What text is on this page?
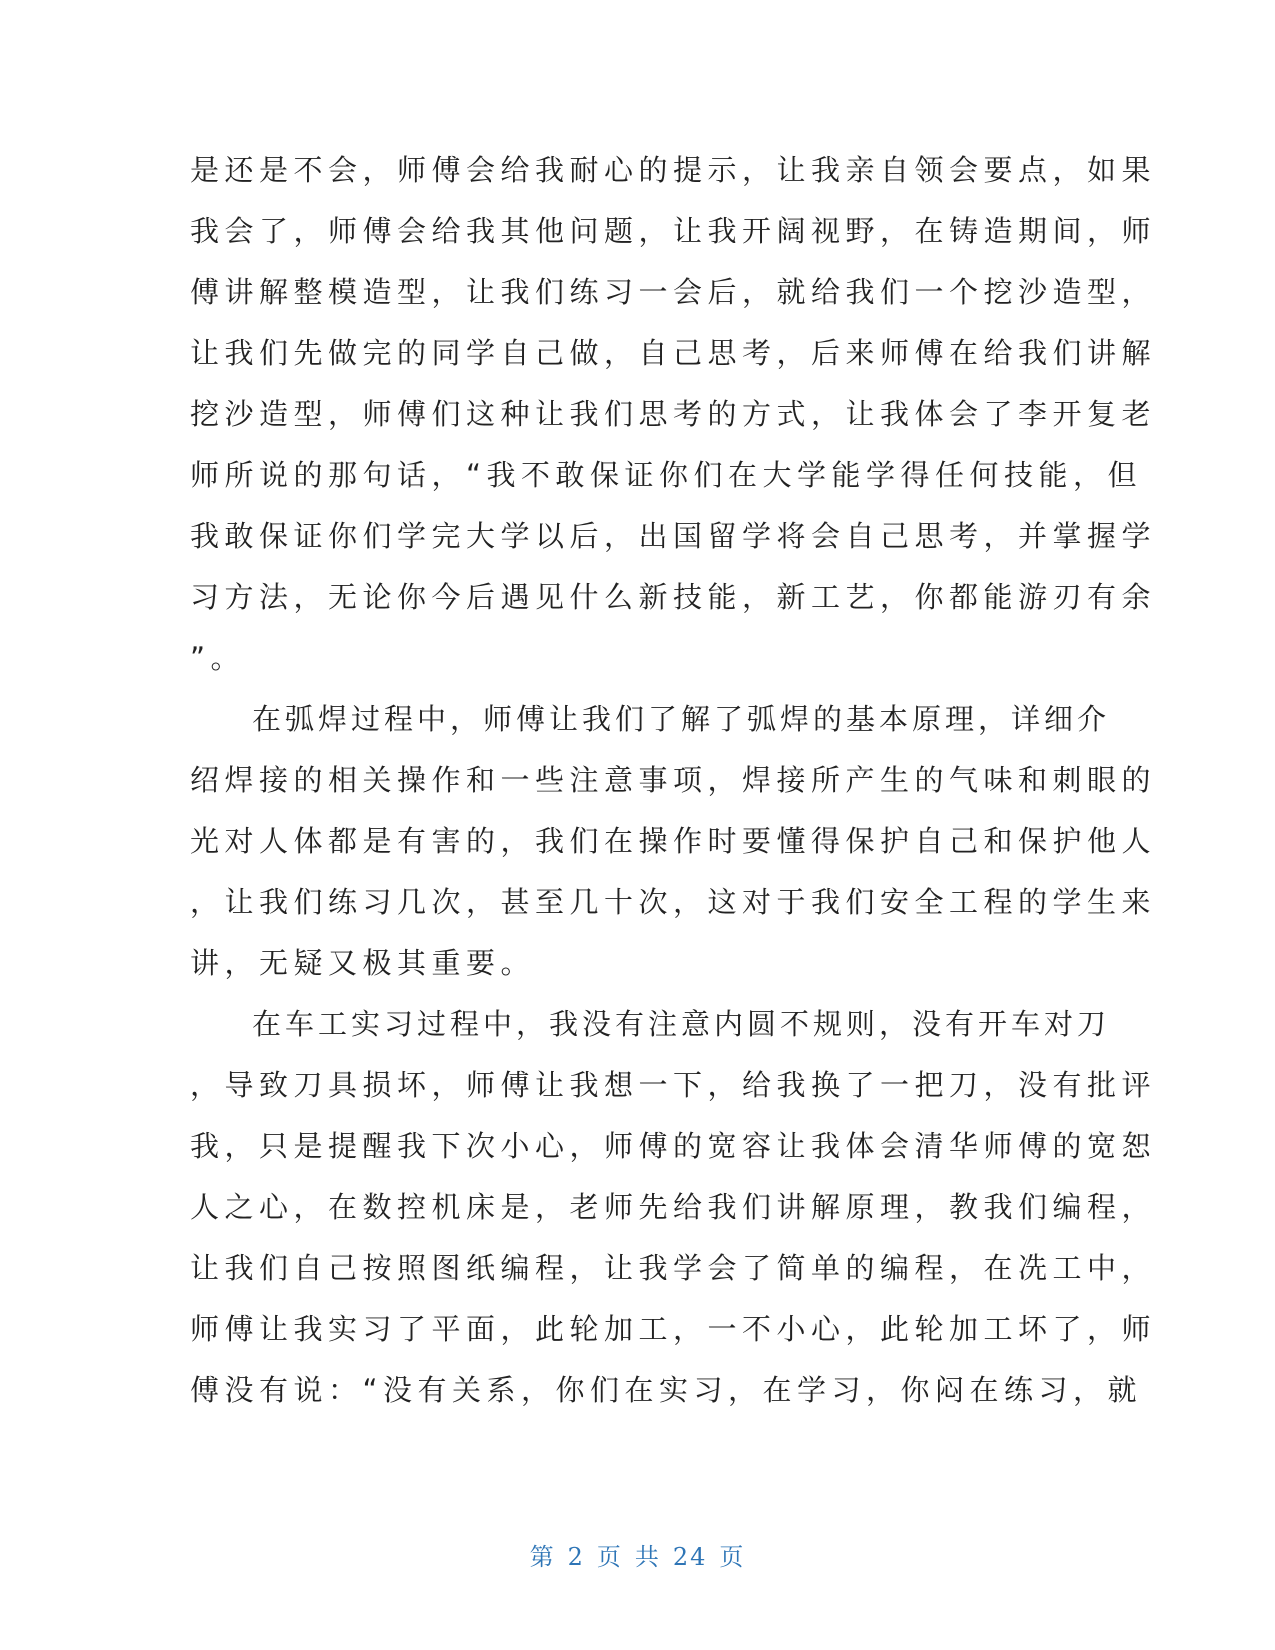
是还是不会，师傅会给我耐心的提示，让我亲自领会要点，如果
我会了，师傅会给我其他问题，让我开阔视野，在铸造期间，师
傅讲解整模造型，让我们练习一会后，就给我们一个挖沙造型，
让我们先做完的同学自己做，自己思考，后来师傅在给我们讲解
挖沙造型，师傅们这种让我们思考的方式，让我体会了李开复老
师所说的那句话，“我不敢保证你们在大学能学得任何技能，但
我敢保证你们学完大学以后，出国留学将会自己思考，并掌握学
习方法，无论你今后遇见什么新技能，新工艺，你都能游刃有余
”。
在弧焊过程中，师傅让我们了解了弧焊的基本原理，详细介
绍焊接的相关操作和一些注意事项，焊接所产生的气味和刺眼的
光对人体都是有害的，我们在操作时要懂得保护自己和保护他人
，让我们练习几次，甚至几十次，这对于我们安全工程的学生来
讲，无疑又极其重要。
在车工实习过程中，我没有注意内圆不规则，没有开车对刀
，导致刀具损坏，师傅让我想一下，给我换了一把刀，没有批评
我，只是提醒我下次小心，师傅的宽容让我体会清华师傅的宽恕
人之心，在数控机床是，老师先给我们讲解原理，教我们编程，
让我们自己按照图纸编程，让我学会了简单的编程，在冼工中，
师傅让我实习了平面，此轮加工，一不小心，此轮加工坏了，师
傅没有说：“没有关系，你们在实习，在学习，你闷在练习，就
第 2 页 共 24 页
